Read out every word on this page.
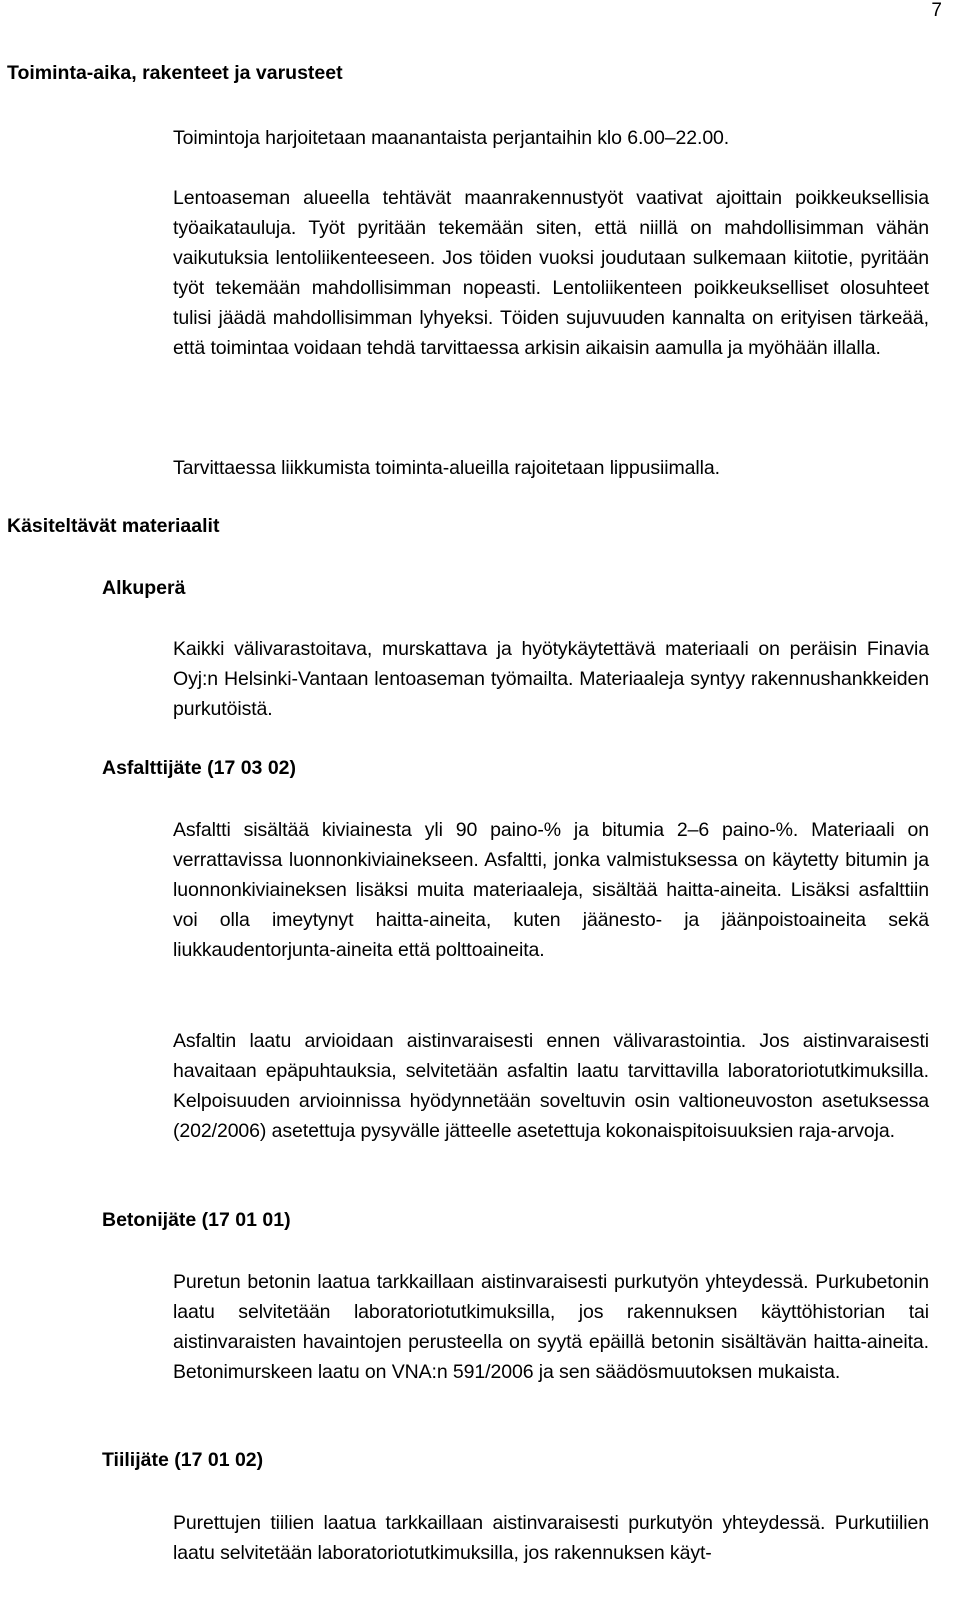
7
Toiminta-aika, rakenteet ja varusteet
Toimintoja harjoitetaan maanantaista perjantaihin klo 6.00–22.00.
Lentoaseman alueella tehtävät maanrakennustyöt vaativat ajoittain poikkeuksellisia työaikatauluja. Työt pyritään tekemään siten, että niillä on mahdollisimman vähän vaikutuksia lentoliikenteeseen. Jos töiden vuoksi joudutaan sulkemaan kiitotie, pyritään työt tekemään mahdollisimman nopeasti. Lentoliikenteen poikkeukselliset olosuhteet tulisi jäädä mahdollisimman lyhyeksi. Töiden sujuvuuden kannalta on erityisen tärkeää, että toimintaa voidaan tehdä tarvittaessa arkisin aikaisin aamulla ja myöhään illalla.
Tarvittaessa liikkumista toiminta-alueilla rajoitetaan lippusiimalla.
Käsiteltävät materiaalit
Alkuperä
Kaikki välivarastoitava, murskattava ja hyötykäytettävä materiaali on peräisin Finavia Oyj:n Helsinki-Vantaan lentoaseman työmailta. Materiaaleja syntyy rakennushankkeiden purkutöistä.
Asfalttijäte (17 03 02)
Asfaltti sisältää kiviainesta yli 90 paino-% ja bitumia 2–6 paino-%. Materiaali on verrattavissa luonnonkiviainekseen. Asfaltti, jonka valmistuksessa on käytetty bitumin ja luonnonkiviaineksen lisäksi muita materiaaleja, sisältää haitta-aineita. Lisäksi asfalttiin voi olla imeytynyt haitta-aineita, kuten jäänesto- ja jäänpoistoaineita sekä liukkaudentorjunta-aineita että polttoaineita.
Asfaltin laatu arvioidaan aistinvaraisesti ennen välivarastointia. Jos aistinvaraisesti havaitaan epäpuhtauksia, selvitetään asfaltin laatu tarvittavilla laboratoriotutkimuksilla. Kelpoisuuden arvioinnissa hyödynnetään soveltuvin osin valtioneuvoston asetuksessa (202/2006) asetettuja pysyvälle jätteelle asetettuja kokonaispitoisuuksien raja-arvoja.
Betonijäte (17 01 01)
Puretun betonin laatua tarkkaillaan aistinvaraisesti purkutyön yhteydessä. Purkubetonin laatu selvitetään laboratoriotutkimuksilla, jos rakennuksen käyttöhistorian tai aistinvaraisten havaintojen perusteella on syytä epäillä betonin sisältävän haitta-aineita. Betonimurskeen laatu on VNA:n 591/2006 ja sen säädösmuutoksen mukaista.
Tiilijäte (17 01 02)
Purettujen tiilien laatua tarkkaillaan aistinvaraisesti purkutyön yhteydessä. Purkutiilien laatu selvitetään laboratoriotutkimuksilla, jos rakennuksen käyt-
